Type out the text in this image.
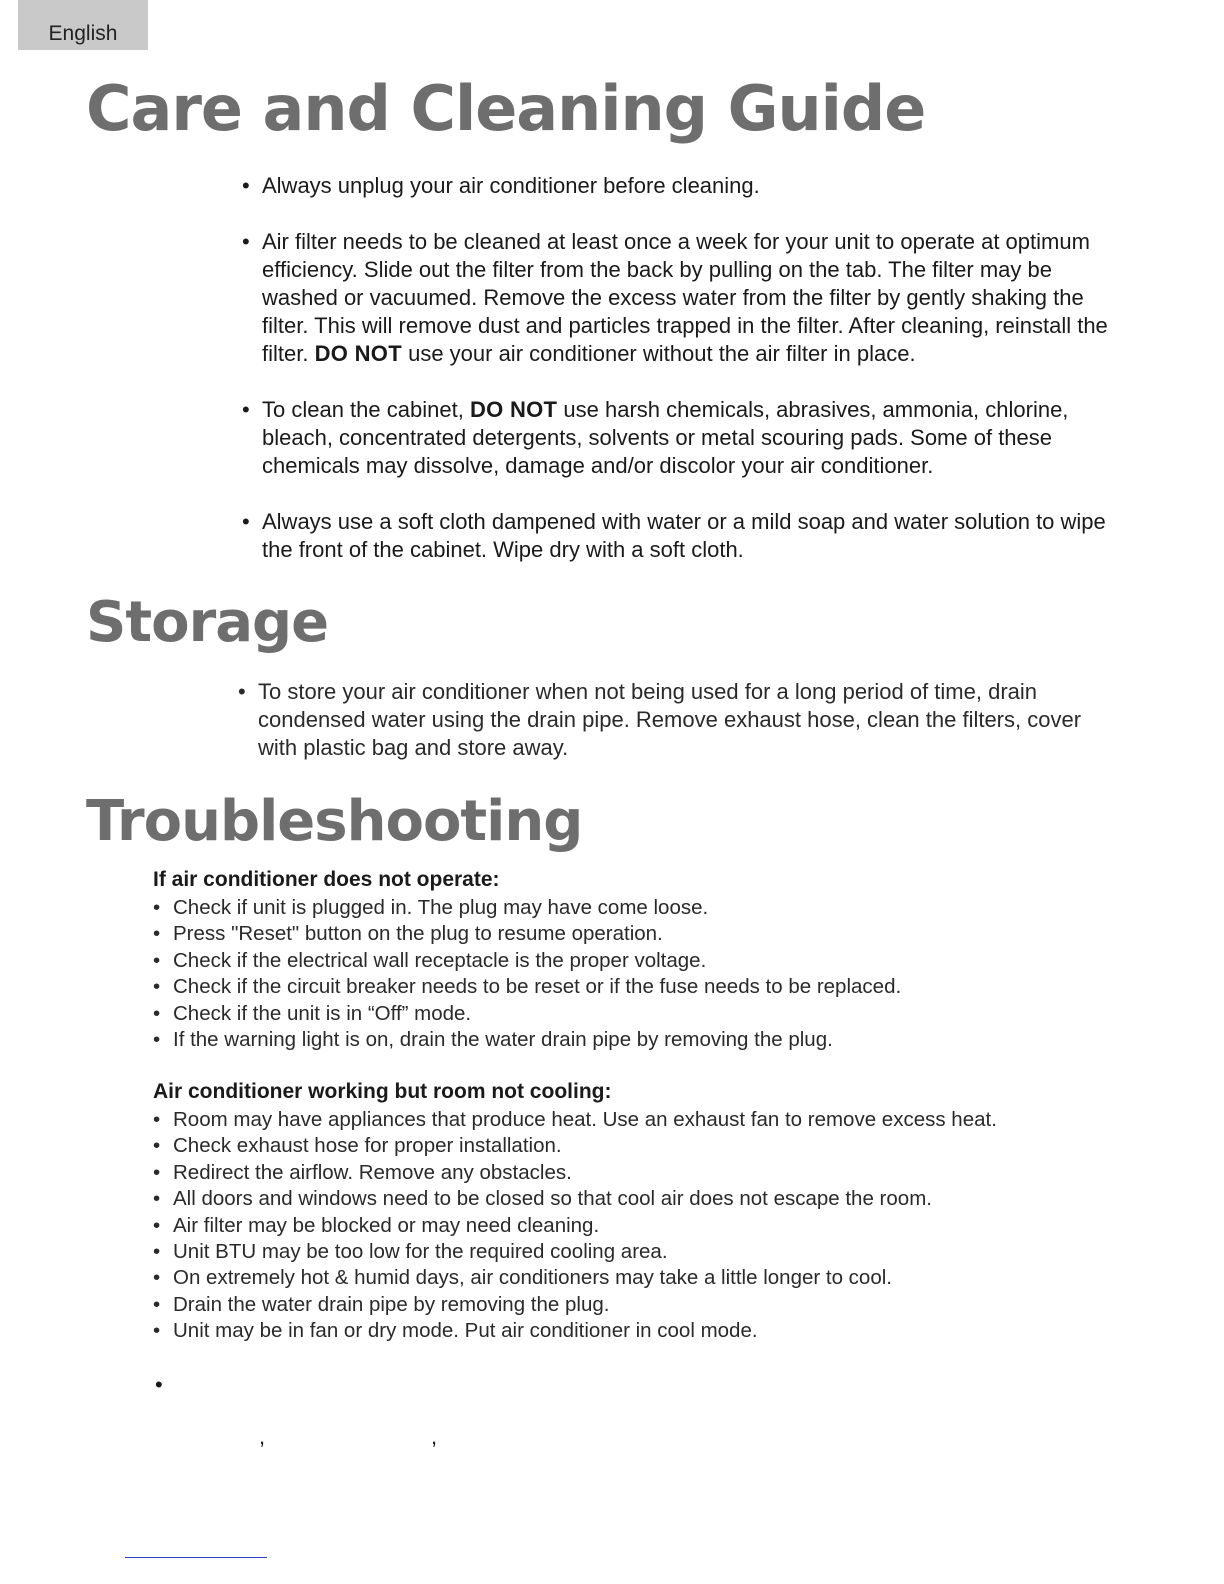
English
Care and Cleaning Guide
• Always unplug your air conditioner before cleaning.
• Air filter needs to be cleaned at least once a week for your unit to operate at optimum efficiency. Slide out the filter from the back by pulling on the tab. The filter may be washed or vacuumed. Remove the excess water from the filter by gently shaking the filter. This will remove dust and particles trapped in the filter. After cleaning, reinstall the filter. DO NOT use your air conditioner without the air filter in place.
• To clean the cabinet, DO NOT use harsh chemicals, abrasives, ammonia, chlorine, bleach, concentrated detergents, solvents or metal scouring pads. Some of these chemicals may dissolve, damage and/or discolor your air conditioner.
• Always use a soft cloth dampened with water or a mild soap and water solution to wipe the front of the cabinet. Wipe dry with a soft cloth.
Storage
• To store your air conditioner when not being used for a long period of time, drain condensed water using the drain pipe. Remove exhaust hose, clean the filters, cover with plastic bag and store away.
Troubleshooting
If air conditioner does not operate:
• Check if unit is plugged in. The plug may have come loose.
• Press "Reset" button on the plug to resume operation.
• Check if the electrical wall receptacle is the proper voltage.
• Check if the circuit breaker needs to be reset or if the fuse needs to be replaced.
• Check if the unit is in “Off” mode.
• If the warning light is on, drain the water drain pipe by removing the plug.
Air conditioner working but room not cooling:
• Room may have appliances that produce heat. Use an exhaust fan to remove excess heat.
• Check exhaust hose for proper installation.
• Redirect the airflow. Remove any obstacles.
• All doors and windows need to be closed so that cool air does not escape the room.
• Air filter may be blocked or may need cleaning.
• Unit BTU may be too low for the required cooling area.
• On extremely hot & humid days, air conditioners may take a little longer to cool.
• Drain the water drain pipe by removing the plug.
• Unit may be in fan or dry mode. Put air conditioner in cool mode.
•
,	,
